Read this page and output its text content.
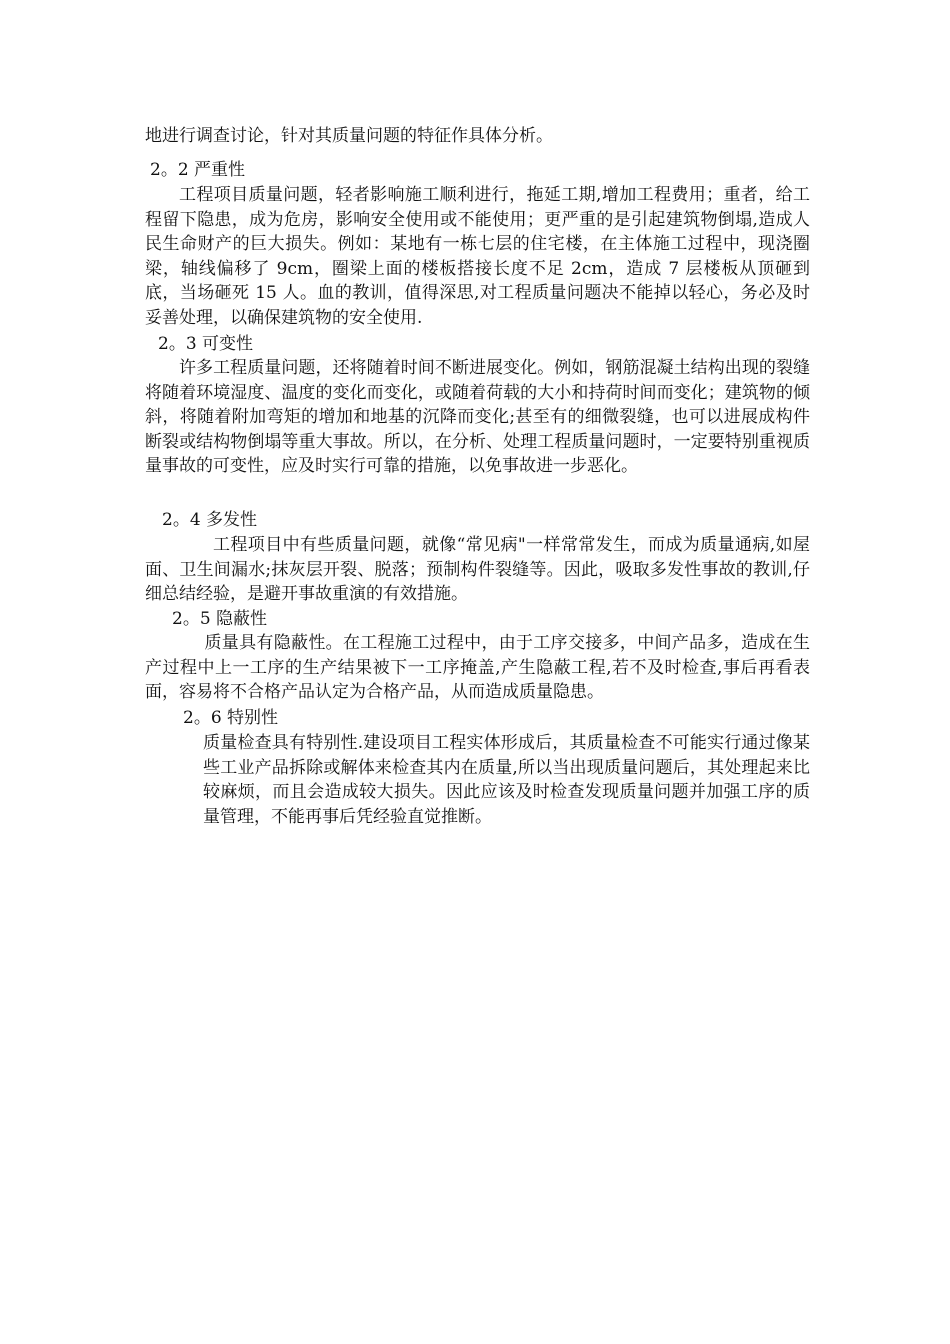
地进行调查讨论，针对其质量问题的特征作具体分析。

2。2 严重性

工程项目质量问题，轻者影响施工顺利进行，拖延工期,增加工程费用；重者，给工程留下隐患，成为危房，影响安全使用或不能使用；更严重的是引起建筑物倒塌,造成人民生命财产的巨大损失。例如：某地有一栋七层的住宅楼，在主体施工过程中，现浇圈梁，轴线偏移了 9cm，圈梁上面的楼板搭接长度不足 2cm，造成 7 层楼板从顶砸到底，当场砸死 15 人。血的教训，值得深思,对工程质量问题决不能掉以轻心，务必及时妥善处理，以确保建筑物的安全使用.

2。3 可变性

许多工程质量问题，还将随着时间不断进展变化。例如，钢筋混凝土结构出现的裂缝将随着环境湿度、温度的变化而变化，或随着荷载的大小和持荷时间而变化；建筑物的倾斜，将随着附加弯矩的增加和地基的沉降而变化;甚至有的细微裂缝，也可以进展成构件断裂或结构物倒塌等重大事故。所以，在分析、处理工程质量问题时，一定要特别重视质量事故的可变性，应及时实行可靠的措施，以免事故进一步恶化。

2。4 多发性

工程项目中有些质量问题，就像“常见病"一样常常发生，而成为质量通病,如屋面、卫生间漏水;抹灰层开裂、脱落；预制构件裂缝等。因此，吸取多发性事故的教训,仔细总结经验，是避开事故重演的有效措施。

2。5 隐蔽性

质量具有隐蔽性。在工程施工过程中，由于工序交接多，中间产品多，造成在生产过程中上一工序的生产结果被下一工序掩盖,产生隐蔽工程,若不及时检查,事后再看表面，容易将不合格产品认定为合格产品，从而造成质量隐患。

2。6 特别性

质量检查具有特别性.建设项目工程实体形成后，其质量检查不可能实行通过像某些工业产品拆除或解体来检查其内在质量,所以当出现质量问题后，其处理起来比较麻烦，而且会造成较大损失。因此应该及时检查发现质量问题并加强工序的质量管理，不能再事后凭经验直觉推断。
